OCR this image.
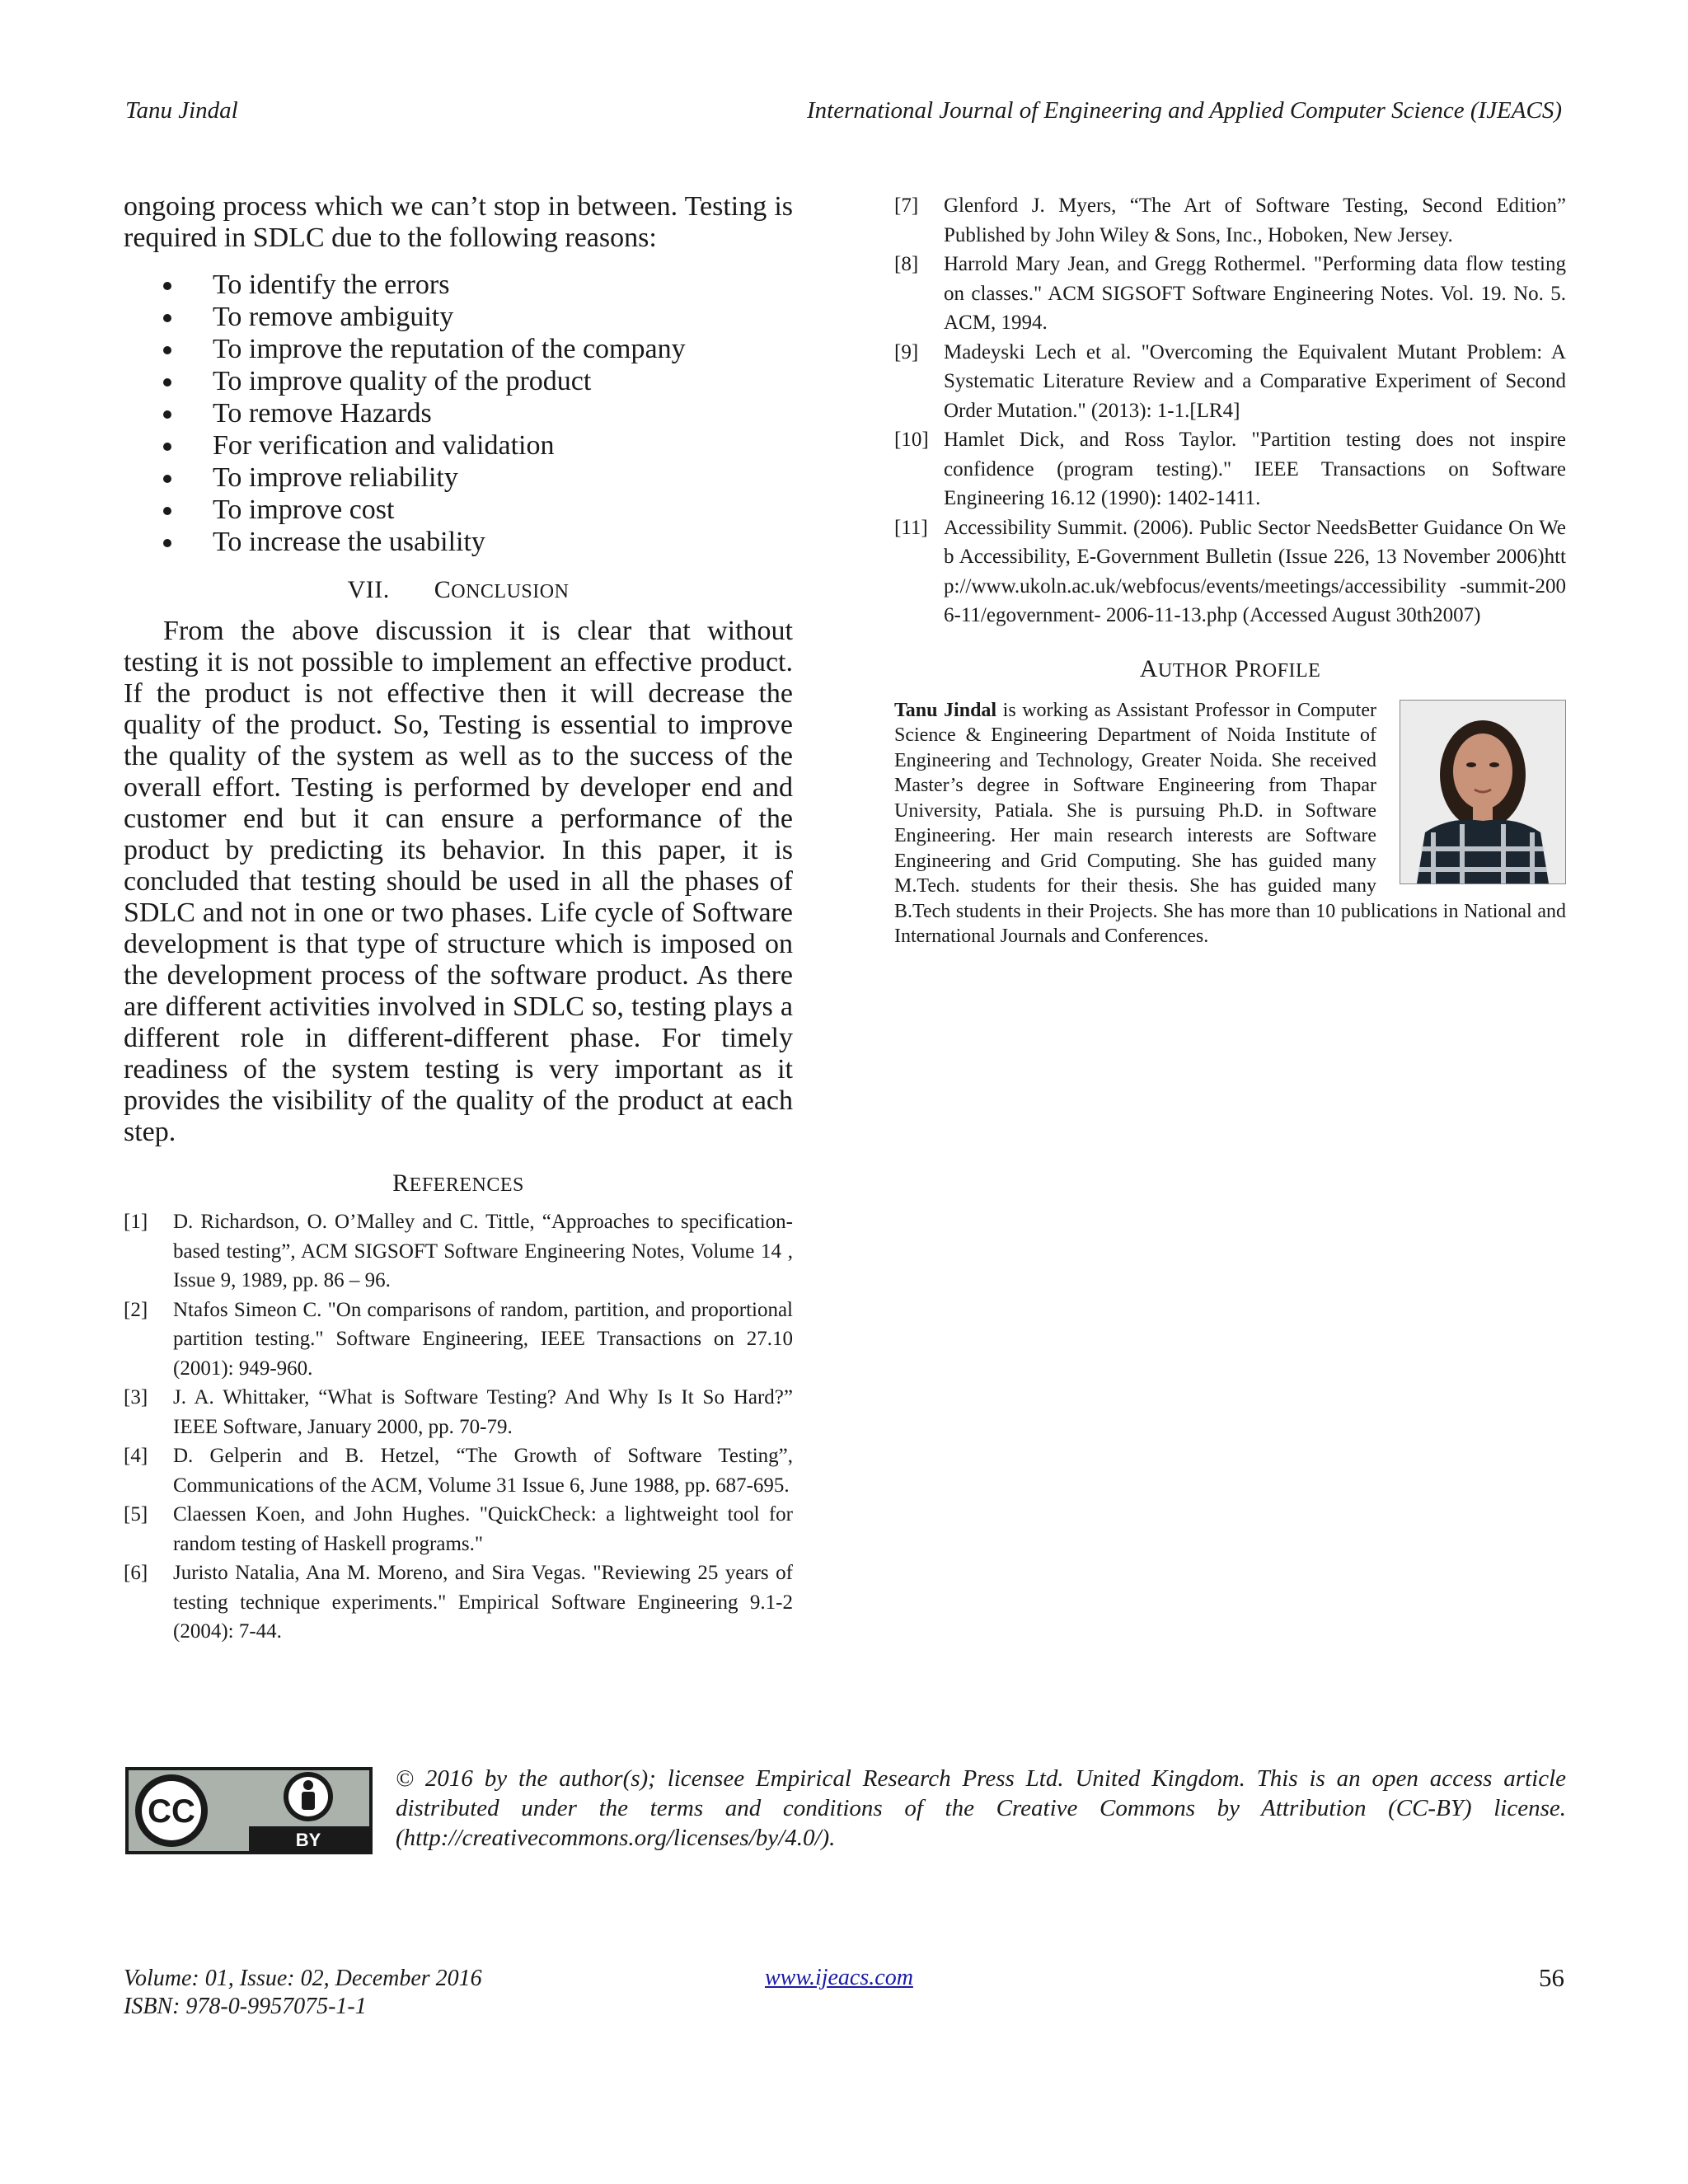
Tanu Jindal	International Journal of Engineering and Applied Computer Science (IJEACS)

ongoing process which we can’t stop in between. Testing is required in SDLC due to the following reasons:

To identify the errors
To remove ambiguity
To improve the reputation of the company
To improve quality of the product
To remove Hazards
For verification and validation
To improve reliability
To improve cost
To increase the usability
VII. CONCLUSION

From the above discussion it is clear that without testing it is not possible to implement an effective product. If the product is not effective then it will decrease the quality of the product. So, Testing is essential to improve the quality of the system as well as to the success of the overall effort. Testing is performed by developer end and customer end but it can ensure a performance of the product by predicting its behavior. In this paper, it is concluded that testing should be used in all the phases of SDLC and not in one or two phases. Life cycle of Software development is that type of structure which is imposed on the development process of the software product. As there are different activities involved in SDLC so, testing plays a different role in different-different phase. For timely readiness of the system testing is very important as it provides the visibility of the quality of the product at each step.

REFERENCES
[1] D. Richardson, O. O’Malley and C. Tittle, “Approaches to specification-based testing”, ACM SIGSOFT Software Engineering Notes, Volume 14 , Issue 9, 1989, pp. 86 – 96.
[2] Ntafos Simeon C. "On comparisons of random, partition, and proportional partition testing." Software Engineering, IEEE Transactions on 27.10 (2001): 949-960.
[3] J. A. Whittaker, “What is Software Testing? And Why Is It So Hard?” IEEE Software, January 2000, pp. 70-79.
[4] D. Gelperin and B. Hetzel, “The Growth of Software Testing”, Communications of the ACM, Volume 31 Issue 6, June 1988, pp. 687-695.
[5] Claessen Koen, and John Hughes. "QuickCheck: a lightweight tool for random testing of Haskell programs."
[6] Juristo Natalia, Ana M. Moreno, and Sira Vegas. "Reviewing 25 years of testing technique experiments." Empirical Software Engineering 9.1-2 (2004): 7-44.
[7] Glenford J. Myers, “The Art of Software Testing, Second Edition” Published by John Wiley & Sons, Inc., Hoboken, New Jersey.
[8] Harrold Mary Jean, and Gregg Rothermel. "Performing data flow testing on classes." ACM SIGSOFT Software Engineering Notes. Vol. 19. No. 5. ACM, 1994.
[9] Madeyski Lech et al. "Overcoming the Equivalent Mutant Problem: A Systematic Literature Review and a Comparative Experiment of Second Order Mutation." (2013): 1-1.[LR4]
[10] Hamlet Dick, and Ross Taylor. "Partition testing does not inspire confidence (program testing)." IEEE Transactions on Software Engineering 16.12 (1990): 1402-1411.
[11] Accessibility Summit. (2006). Public Sector NeedsBetter Guidance On Web Accessibility, E-Government Bulletin (Issue 226, 13 November 2006)http://www.ukoln.ac.uk/webfocus/events/meetings/accessibility -summit-2006-11/egovernment- 2006-11-13.php (Accessed August 30th2007)
AUTHOR PROFILE
Tanu Jindal is working as Assistant Professor in Computer Science & Engineering Department of Noida Institute of Engineering and Technology, Greater Noida. She received Master’s degree in Software Engineering from Thapar University, Patiala. She is pursuing Ph.D. in Software Engineering. Her main research interests are Software Engineering and Grid Computing. She has guided many M.Tech. students for their thesis. She has guided many B.Tech students in their Projects. She has more than 10 publications in National and International Journals and Conferences.
CC
BY
© 2016 by the author(s); licensee Empirical Research Press Ltd. United Kingdom. This is an open access article distributed under the terms and conditions of the Creative Commons by Attribution (CC-BY) license. (http://creativecommons.org/licenses/by/4.0/).
Volume: 01, Issue: 02, December 2016
ISBN: 978-0-9957075-1-1
www.ijeacs.com	56
